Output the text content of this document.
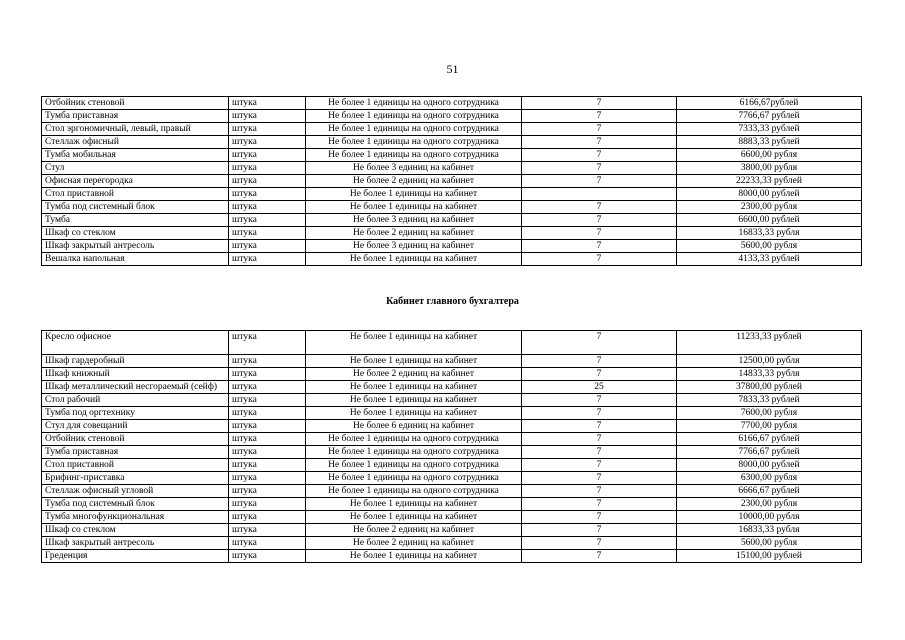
51
Отбойник стеновой	штука	Не более 1 единицы на одного сотрудника	7	6166,67рублей
Тумба приставная	штука	Не более 1 единицы на одного сотрудника	7	7766,67 рублей
Стол эргономичный, левый, правый	штука	Не более 1 единицы на одного сотрудника	7	7333,33 рублей
Стеллаж офисный	штука	Не более 1 единицы на одного сотрудника	7	8883,33 рублей
Тумба мобильная	штука	Не более 1 единицы на одного сотрудника	7	6600,00 рубля
Стул	штука	Не более 3 единиц на кабинет	7	3800,00 рубля
Офисная перегородка	штука	Не более 2 единиц на кабинет	7	22233,33 рублей
Стол приставной	штука	Не более 1 единицы на кабинет		8000,00 рублей
Тумба под системный блок	штука	Не более 1 единицы на кабинет	7	2300,00 рубля
Тумба	штука	Не более 3 единиц на кабинет	7	6600,00 рублей
Шкаф со стеклом	штука	Не более 2 единиц на кабинет	7	16833,33 рубля
Шкаф закрытый антресоль	штука	Не более 3 единиц на кабинет	7	5600,00 рубля
Вешалка напольная	штука	Не более 1 единицы на кабинет	7	4133,33 рублей
Кабинет главного бухгалтера
Кресло офисное	штука	Не более 1 единицы на кабинет	7	11233,33 рублей
Шкаф гардеробный	штука	Не более 1 единицы на кабинет	7	12500,00 рубля
Шкаф книжный	штука	Не более 2 единиц на кабинет	7	14833,33 рубля
Шкаф металлический несгораемый (сейф)	штука	Не более 1 единицы на кабинет	25	37800,00 рублей
Стол рабочий	штука	Не более 1 единицы на кабинет	7	7833,33 рублей
Тумба под оргтехнику	штука	Не более 1 единицы на кабинет	7	7600,00 рубля
Стул для совещаний	штука	Не более 6 единиц на кабинет	7	7700,00 рубля
Отбойник стеновой	штука	Не более 1 единицы на одного сотрудника	7	6166,67 рублей
Тумба приставная	штука	Не более 1 единицы на одного сотрудника	7	7766,67 рублей
Стол приставной	штука	Не более 1 единицы на одного сотрудника	7	8000,00 рублей
Брифинг-приставка	штука	Не более 1 единицы на одного сотрудника	7	6300,00 рубля
Стеллаж офисный угловой	штука	Не более 1 единицы на одного сотрудника	7	6666,67 рублей
Тумба под системный блок	штука	Не более 1 единицы на кабинет	7	2300,00 рубля
Тумба многофункциональная	штука	Не более 1 единицы на кабинет	7	10000,00 рубля
Шкаф со стеклом	штука	Не более 2 единиц на кабинет	7	16833,33 рубля
Шкаф закрытый антресоль	штука	Не более 2 единиц на кабинет	7	5600,00 рубля
Греденция	штука	Не более 1 единицы на кабинет	7	15100,00 рублей
